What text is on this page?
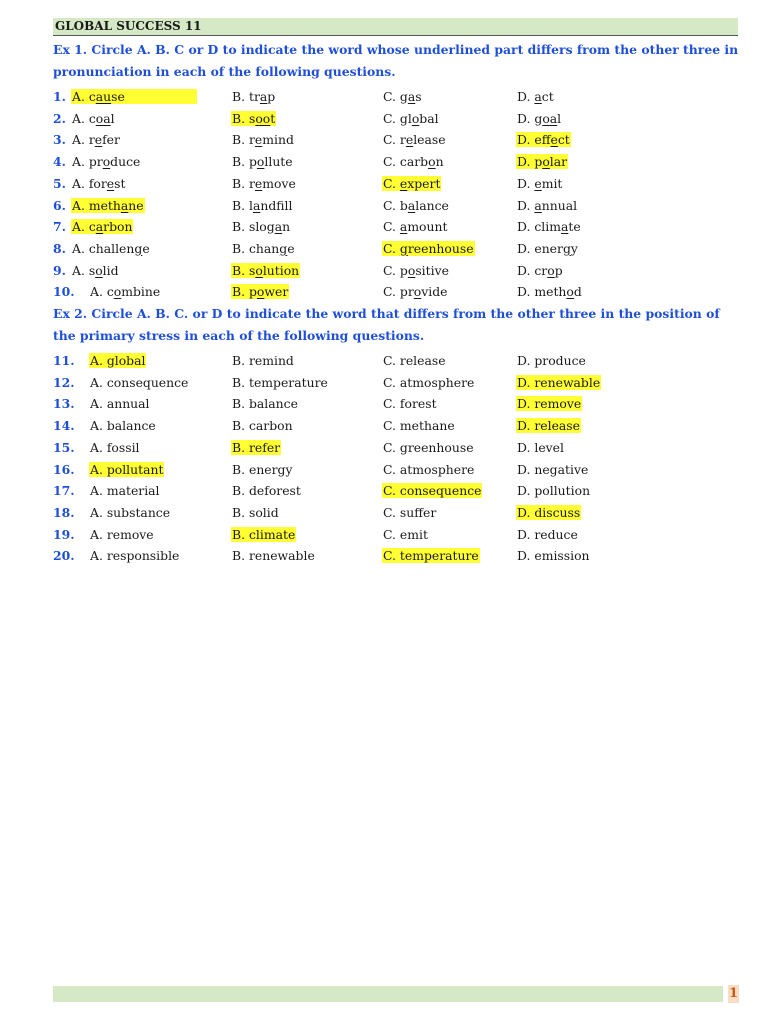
GLOBAL SUCCESS 11
Ex 1. Circle A. B. C or D to indicate the word whose underlined part differs from the other three in pronunciation in each of the following questions.
1. A. cause	B. trap	C. gas	D. act
2. A. coal	B. soot	C. global	D. goal
3. A. refer	B. remind	C. release	D. effect
4. A. produce	B. pollute	C. carbon	D. polar
5. A. forest	B. remove	C. expert	D. emit
6. A. methane	B. landfill	C. balance	D. annual
7. A. carbon	B. slogan	C. amount	D. climate
8. A. challenge	B. change	C. greenhouse	D. energy
9. A. solid	B. solution	C. positive	D. crop
10. A. combine	B. power	C. provide	D. method
Ex 2. Circle A. B. C. or D to indicate the word that differs from the other three in the position of the primary stress in each of the following questions.
11. A. global	B. remind	C. release	D. produce
12. A. consequence	B. temperature	C. atmosphere	D. renewable
13. A. annual	B. balance	C. forest	D. remove
14. A. balance	B. carbon	C. methane	D. release
15. A. fossil	B. refer	C. greenhouse	D. level
16. A. pollutant	B. energy	C. atmosphere	D. negative
17. A. material	B. deforest	C. consequence	D. pollution
18. A. substance	B. solid	C. suffer	D. discuss
19. A. remove	B. climate	C. emit	D. reduce
20. A. responsible	B. renewable	C. temperature	D. emission
1
